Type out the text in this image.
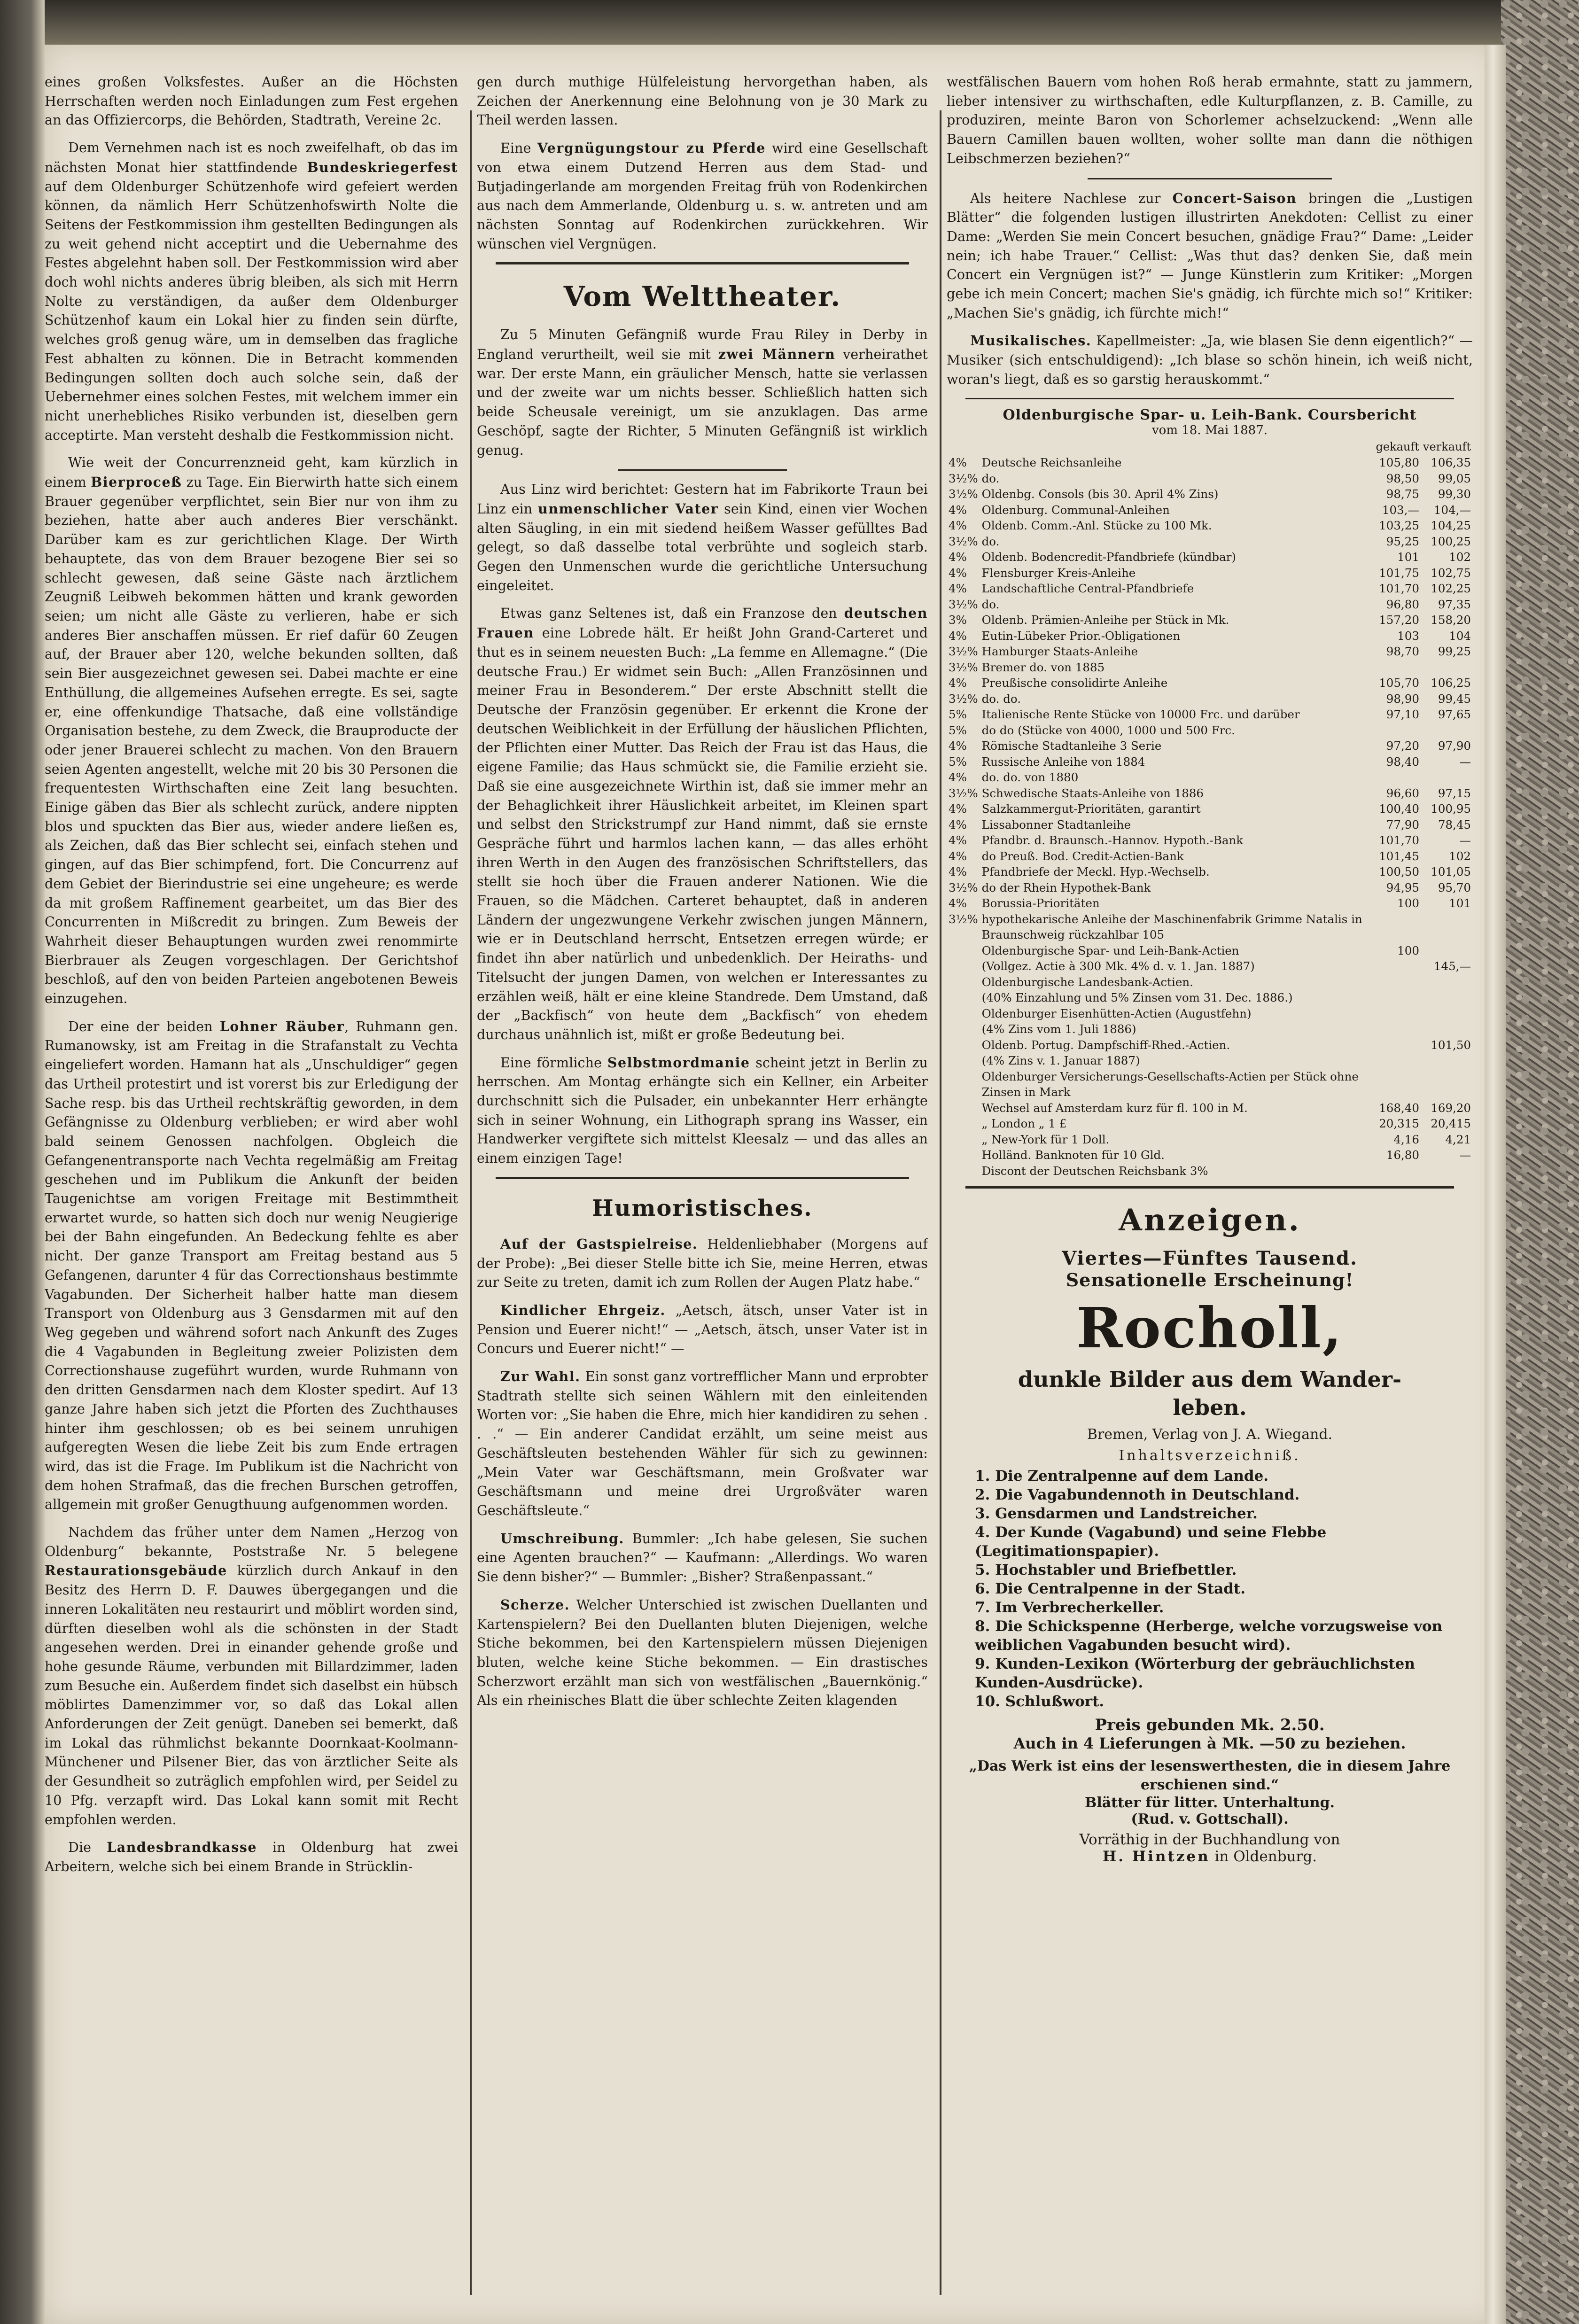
eines großen Volksfestes. Außer an die Höchsten Herrschaften werden noch Einladungen zum Fest ergehen an das Offiziercorps, die Behörden, Stadtrath, Vereine 2c.

Dem Vernehmen nach ist es noch zweifelhaft, ob das im nächsten Monat hier stattfindende Bundeskriegerfest auf dem Oldenburger Schützenhofe wird gefeiert werden können, da nämlich Herr Schützenhofswirth Nolte die Seitens der Festkommission ihm gestellten Bedingungen als zu weit gehend nicht acceptirt und die Uebernahme des Festes abgelehnt haben soll. Der Festkommission wird aber doch wohl nichts anderes übrig bleiben, als sich mit Herrn Nolte zu verständigen, da außer dem Oldenburger Schützenhof kaum ein Lokal hier zu finden sein dürfte, welches groß genug wäre, um in demselben das fragliche Fest abhalten zu können. Die in Betracht kommenden Bedingungen sollten doch auch solche sein, daß der Uebernehmer eines solchen Festes, mit welchem immer ein nicht unerhebliches Risiko verbunden ist, dieselben gern acceptirte. Man versteht deshalb die Festkommission nicht.

Wie weit der Concurrenzneid geht, kam kürzlich in einem Bierproceß zu Tage. Ein Bierwirth hatte sich einem Brauer gegenüber verpflichtet, sein Bier nur von ihm zu beziehen, hatte aber auch anderes Bier verschänkt. Darüber kam es zur gerichtlichen Klage. Der Wirth behauptete, das von dem Brauer bezogene Bier sei so schlecht gewesen, daß seine Gäste nach ärztlichem Zeugniß Leibweh bekommen hätten und krank geworden seien; um nicht alle Gäste zu verlieren, habe er sich anderes Bier anschaffen müssen. Er rief dafür 60 Zeugen auf, der Brauer aber 120, welche bekunden sollten, daß sein Bier ausgezeichnet gewesen sei. Dabei machte er eine Enthüllung, die allgemeines Aufsehen erregte. Es sei, sagte er, eine offenkundige Thatsache, daß eine vollständige Organisation bestehe, zu dem Zweck, die Brauproducte der oder jener Brauerei schlecht zu machen. Von den Brauern seien Agenten angestellt, welche mit 20 bis 30 Personen die frequentesten Wirthschaften eine Zeit lang besuchten. Einige gäben das Bier als schlecht zurück, andere nippten blos und spuckten das Bier aus, wieder andere ließen es, als Zeichen, daß das Bier schlecht sei, einfach stehen und gingen, auf das Bier schimpfend, fort. Die Concurrenz auf dem Gebiet der Bierindustrie sei eine ungeheure; es werde da mit großem Raffinement gearbeitet, um das Bier des Concurrenten in Mißcredit zu bringen. Zum Beweis der Wahrheit dieser Behauptungen wurden zwei renommirte Bierbrauer als Zeugen vorgeschlagen. Der Gerichtshof beschloß, auf den von beiden Parteien angebotenen Beweis einzugehen.

Der eine der beiden Lohner Räuber, Ruhmann gen. Rumanowsky, ist am Freitag in die Strafanstalt zu Vechta eingeliefert worden. Hamann hat als „Unschuldiger“ gegen das Urtheil protestirt und ist vorerst bis zur Erledigung der Sache resp. bis das Urtheil rechtskräftig geworden, in dem Gefängnisse zu Oldenburg verblieben; er wird aber wohl bald seinem Genossen nachfolgen. Obgleich die Gefangenentransporte nach Vechta regelmäßig am Freitag geschehen und im Publikum die Ankunft der beiden Taugenichtse am vorigen Freitage mit Bestimmtheit erwartet wurde, so hatten sich doch nur wenig Neugierige bei der Bahn eingefunden. An Bedeckung fehlte es aber nicht. Der ganze Transport am Freitag bestand aus 5 Gefangenen, darunter 4 für das Correctionshaus bestimmte Vagabunden. Der Sicherheit halber hatte man diesem Transport von Oldenburg aus 3 Gensdarmen mit auf den Weg gegeben und während sofort nach Ankunft des Zuges die 4 Vagabunden in Begleitung zweier Polizisten dem Correctionshause zugeführt wurden, wurde Ruhmann von den dritten Gensdarmen nach dem Kloster spedirt. Auf 13 ganze Jahre haben sich jetzt die Pforten des Zuchthauses hinter ihm geschlossen; ob es bei seinem unruhigen aufgeregten Wesen die liebe Zeit bis zum Ende ertragen wird, das ist die Frage. Im Publikum ist die Nachricht von dem hohen Strafmaß, das die frechen Burschen getroffen, allgemein mit großer Genugthuung aufgenommen worden.

Nachdem das früher unter dem Namen „Herzog von Oldenburg“ bekannte, Poststraße Nr. 5 belegene Restaurationsgebäude kürzlich durch Ankauf in den Besitz des Herrn D. F. Dauwes übergegangen und die inneren Lokalitäten neu restaurirt und möblirt worden sind, dürften dieselben wohl als die schönsten in der Stadt angesehen werden. Drei in einander gehende große und hohe gesunde Räume, verbunden mit Billardzimmer, laden zum Besuche ein. Außerdem findet sich daselbst ein hübsch möblirtes Damenzimmer vor, so daß das Lokal allen Anforderungen der Zeit genügt. Daneben sei bemerkt, daß im Lokal das rühmlichst bekannte Doornkaat-Koolmann-Münchener und Pilsener Bier, das von ärztlicher Seite als der Gesundheit so zuträglich empfohlen wird, per Seidel zu 10 Pfg. verzapft wird. Das Lokal kann somit mit Recht empfohlen werden.

Die Landesbrandkasse in Oldenburg hat zwei Arbeitern, welche sich bei einem Brande in Strücklin-

gen durch muthige Hülfeleistung hervorgethan haben, als Zeichen der Anerkennung eine Belohnung von je 30 Mark zu Theil werden lassen.

Eine Vergnügungstour zu Pferde wird eine Gesellschaft von etwa einem Dutzend Herren aus dem Stad- und Butjadingerlande am morgenden Freitag früh von Rodenkirchen aus nach dem Ammerlande, Oldenburg u. s. w. antreten und am nächsten Sonntag auf Rodenkirchen zurückkehren. Wir wünschen viel Vergnügen.

Vom Welttheater.

Zu 5 Minuten Gefängniß wurde Frau Riley in Derby in England verurtheilt, weil sie mit zwei Männern verheirathet war. Der erste Mann, ein gräulicher Mensch, hatte sie verlassen und der zweite war um nichts besser. Schließlich hatten sich beide Scheusale vereinigt, um sie anzuklagen. Das arme Geschöpf, sagte der Richter, 5 Minuten Gefängniß ist wirklich genug.

Aus Linz wird berichtet: Gestern hat im Fabrikorte Traun bei Linz ein unmenschlicher Vater sein Kind, einen vier Wochen alten Säugling, in ein mit siedend heißem Wasser gefülltes Bad gelegt, so daß dasselbe total verbrühte und sogleich starb. Gegen den Unmenschen wurde die gerichtliche Untersuchung eingeleitet.

Etwas ganz Seltenes ist, daß ein Franzose den deutschen Frauen eine Lobrede hält. Er heißt John Grand-Carteret und thut es in seinem neuesten Buch: „La femme en Allemagne.“ (Die deutsche Frau.) Er widmet sein Buch: „Allen Französinnen und meiner Frau in Besonderem.“ Der erste Abschnitt stellt die Deutsche der Französin gegenüber. Er erkennt die Krone der deutschen Weiblichkeit in der Erfüllung der häuslichen Pflichten, der Pflichten einer Mutter. Das Reich der Frau ist das Haus, die eigene Familie; das Haus schmückt sie, die Familie erzieht sie. Daß sie eine ausgezeichnete Wirthin ist, daß sie immer mehr an der Behaglichkeit ihrer Häuslichkeit arbeitet, im Kleinen spart und selbst den Strickstrumpf zur Hand nimmt, daß sie ernste Gespräche führt und harmlos lachen kann, — das alles erhöht ihren Werth in den Augen des französischen Schriftstellers, das stellt sie hoch über die Frauen anderer Nationen. Wie die Frauen, so die Mädchen. Carteret behauptet, daß in anderen Ländern der ungezwungene Verkehr zwischen jungen Männern, wie er in Deutschland herrscht, Entsetzen erregen würde; er findet ihn aber natürlich und unbedenklich. Der Heiraths- und Titelsucht der jungen Damen, von welchen er Interessantes zu erzählen weiß, hält er eine kleine Standrede. Dem Umstand, daß der „Backfisch“ von heute dem „Backfisch“ von ehedem durchaus unähnlich ist, mißt er große Bedeutung bei.

Eine förmliche Selbstmordmanie scheint jetzt in Berlin zu herrschen. Am Montag erhängte sich ein Kellner, ein Arbeiter durchschnitt sich die Pulsader, ein unbekannter Herr erhängte sich in seiner Wohnung, ein Lithograph sprang ins Wasser, ein Handwerker vergiftete sich mittelst Kleesalz — und das alles an einem einzigen Tage!

Humoristisches.

Auf der Gastspielreise. Heldenliebhaber (Morgens auf der Probe): „Bei dieser Stelle bitte ich Sie, meine Herren, etwas zur Seite zu treten, damit ich zum Rollen der Augen Platz habe.“

Kindlicher Ehrgeiz. „Aetsch, ätsch, unser Vater ist in Pension und Euerer nicht!“ — „Aetsch, ätsch, unser Vater ist in Concurs und Euerer nicht!“ —

Zur Wahl. Ein sonst ganz vortrefflicher Mann und erprobter Stadtrath stellte sich seinen Wählern mit den einleitenden Worten vor: „Sie haben die Ehre, mich hier kandidiren zu sehen . . .“ — Ein anderer Candidat erzählt, um seine meist aus Geschäftsleuten bestehenden Wähler für sich zu gewinnen: „Mein Vater war Geschäftsmann, mein Großvater war Geschäftsmann und meine drei Urgroßväter waren Geschäftsleute.“

Umschreibung. Bummler: „Ich habe gelesen, Sie suchen eine Agenten brauchen?“ — Kaufmann: „Allerdings. Wo waren Sie denn bisher?“ — Bummler: „Bisher? Straßenpassant.“

Scherze. Welcher Unterschied ist zwischen Duellanten und Kartenspielern? Bei den Duellanten bluten Diejenigen, welche Stiche bekommen, bei den Kartenspielern müssen Diejenigen bluten, welche keine Stiche bekommen. — Ein drastisches Scherzwort erzählt man sich von westfälischen „Bauernkönig.“ Als ein rheinisches Blatt die über schlechte Zeiten klagenden

westfälischen Bauern vom hohen Roß herab ermahnte, statt zu jammern, lieber intensiver zu wirthschaften, edle Kulturpflanzen, z. B. Camille, zu produziren, meinte Baron von Schorlemer achselzuckend: „Wenn alle Bauern Camillen bauen wollten, woher sollte man dann die nöthigen Leibschmerzen beziehen?“

Als heitere Nachlese zur Concert-Saison bringen die „Lustigen Blätter“ die folgenden lustigen illustrirten Anekdoten: Cellist zu einer Dame: „Werden Sie mein Concert besuchen, gnädige Frau?“ Dame: „Leider nein; ich habe Trauer.“ Cellist: „Was thut das? denken Sie, daß mein Concert ein Vergnügen ist?“ — Junge Künstlerin zum Kritiker: „Morgen gebe ich mein Concert; machen Sie's gnädig, ich fürchte mich so!“ Kritiker: „Machen Sie's gnädig, ich fürchte mich!“

Musikalisches. Kapellmeister: „Ja, wie blasen Sie denn eigentlich?“ — Musiker (sich entschuldigend): „Ich blase so schön hinein, ich weiß nicht, woran's liegt, daß es so garstig herauskommt.“

Oldenburgische Spar- u. Leih-Bank. Coursbericht
vom 18. Mai 1887.
		gekauft	verkauft
4%	Deutsche Reichsanleihe	105,80	106,35
3½%	do.	98,50	99,05
3½%	Oldenbg. Consols (bis 30. April 4% Zins)	98,75	99,30
4%	Oldenburg. Communal-Anleihen	103,—	104,—
4%	Oldenb. Comm.-Anl. Stücke zu 100 Mk.	103,25	104,25
3½%	do.	95,25	100,25
4%	Oldenb. Bodencredit-Pfandbriefe (kündbar)	101	102
4%	Flensburger Kreis-Anleihe	101,75	102,75
4%	Landschaftliche Central-Pfandbriefe	101,70	102,25
3½%	do.	96,80	97,35
3%	Oldenb. Prämien-Anleihe per Stück in Mk.	157,20	158,20
4%	Eutin-Lübeker Prior.-Obligationen	103	104
3½%	Hamburger Staats-Anleihe	98,70	99,25
3½%	Bremer do. von 1885		
4%	Preußische consolidirte Anleihe	105,70	106,25
3½%	do. do.	98,90	99,45
5%	Italienische Rente Stücke von 10000 Frc. und darüber	97,10	97,65
5%	do do (Stücke von 4000, 1000 und 500 Frc.		
4%	Römische Stadtanleihe 3 Serie	97,20	97,90
5%	Russische Anleihe von 1884	98,40	—
4%	do. do. von 1880		
3½%	Schwedische Staats-Anleihe von 1886	96,60	97,15
4%	Salzkammergut-Prioritäten, garantirt	100,40	100,95
4%	Lissabonner Stadtanleihe	77,90	78,45
4%	Pfandbr. d. Braunsch.-Hannov. Hypoth.-Bank	101,70	—
4%	do Preuß. Bod. Credit-Actien-Bank	101,45	102
4%	Pfandbriefe der Meckl. Hyp.-Wechselb.	100,50	101,05
3½%	do der Rhein Hypothek-Bank	94,95	95,70
4%	Borussia-Prioritäten	100	101
3½%	hypothekarische Anleihe der Maschinenfabrik Grimme Natalis in Braunschweig rückzahlbar 105		
	Oldenburgische Spar- und Leih-Bank-Actien	100	
	(Vollgez. Actie à 300 Mk. 4% d. v. 1. Jan. 1887)		145,—
	Oldenburgische Landesbank-Actien.		
	(40% Einzahlung und 5% Zinsen vom 31. Dec. 1886.)		
	Oldenburger Eisenhütten-Actien (Augustfehn)		
	(4% Zins vom 1. Juli 1886)		
	Oldenb. Portug. Dampfschiff-Rhed.-Actien.		101,50
	(4% Zins v. 1. Januar 1887)		
	Oldenburger Versicherungs-Gesellschafts-Actien per Stück ohne Zinsen in Mark		
	Wechsel auf Amsterdam kurz für fl. 100 in M.	168,40	169,20
	„ London „ 1 £	20,315	20,415
	„ New-York für 1 Doll.	4,16	4,21
	Holländ. Banknoten für 10 Gld.	16,80	—
	Discont der Deutschen Reichsbank 3%		
Anzeigen.
Viertes—Fünftes Tausend.
Sensationelle Erscheinung!
Rocholl,
dunkle Bilder aus dem Wander-
leben.
Bremen, Verlag von J. A. Wiegand.
Inhaltsverzeichniß.
1. Die Zentralpenne auf dem Lande.
2. Die Vagabundennoth in Deutschland.
3. Gensdarmen und Landstreicher.
4. Der Kunde (Vagabund) und seine Flebbe (Legitimationspapier).
5. Hochstabler und Briefbettler.
6. Die Centralpenne in der Stadt.
7. Im Verbrecherkeller.
8. Die Schickspenne (Herberge, welche vorzugsweise von weiblichen Vagabunden besucht wird).
9. Kunden-Lexikon (Wörterburg der gebräuchlichsten Kunden-Ausdrücke).
10. Schlußwort.
Preis gebunden Mk. 2.50.
Auch in 4 Lieferungen à Mk. —50 zu beziehen.
„Das Werk ist eins der lesenswerthesten, die in diesem Jahre erschienen sind.“
Blätter für litter. Unterhaltung.
(Rud. v. Gottschall).
Vorräthig in der Buchhandlung von
H. Hintzen in Oldenburg.
